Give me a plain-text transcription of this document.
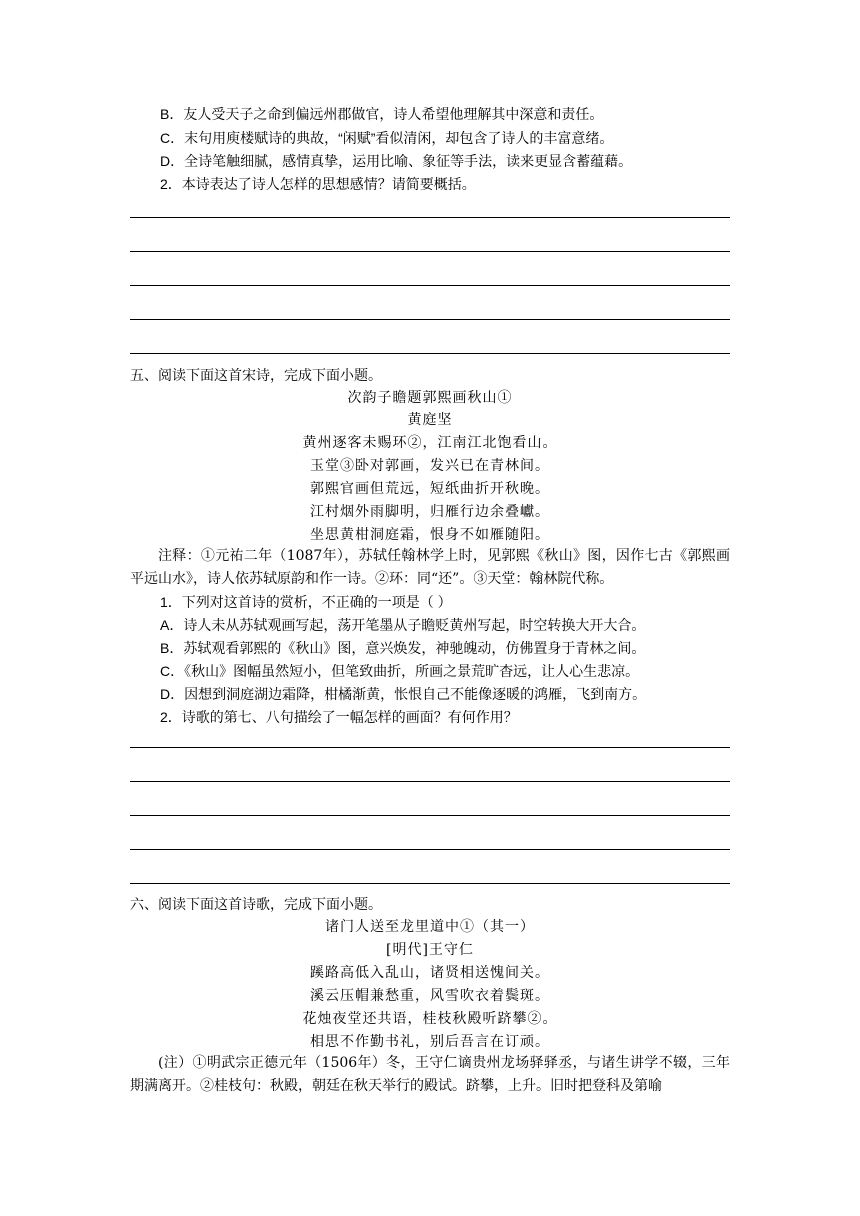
B．友人受天子之命到偏远州郡做官，诗人希望他理解其中深意和责任。
C．末句用庾楼赋诗的典故，“闲赋”看似清闲，却包含了诗人的丰富意绪。
D．全诗笔触细腻，感情真挚，运用比喻、象征等手法，读来更显含蓄蕴藉。
2．本诗表达了诗人怎样的思想感情？请简要概括。
五、阅读下面这首宋诗，完成下面小题。
次韵子瞻题郭熙画秋山①
黄庭坚
黄州逐客未赐环②，江南江北饱看山。
玉堂③卧对郭画，发兴已在青林间。
郭熙官画但荒远，短纸曲折开秋晚。
江村烟外雨脚明，归雁行边余叠巘。
坐思黄柑洞庭霜，恨身不如雁随阳。
注释：①元祐二年（1087年），苏轼任翰林学上时，见郭熙《秋山》图，因作七古《郭熙画平远山水》，诗人依苏轼原韵和作一诗。②环：同“还”。③天堂：翰林院代称。
1．下列对这首诗的赏析，不正确的一项是（ ）
A．诗人未从苏轼观画写起，荡开笔墨从子瞻贬黄州写起，时空转换大开大合。
B．苏轼观看郭熙的《秋山》图，意兴焕发，神驰魄动，仿佛置身于青林之间。
C．《秋山》图幅虽然短小，但笔致曲折，所画之景荒旷杳远，让人心生悲凉。
D．因想到洞庭湖边霜降，柑橘渐黄，怅恨自己不能像逐暖的鸿雁，飞到南方。
2．诗歌的第七、八句描绘了一幅怎样的画面？有何作用？
六、阅读下面这首诗歌，完成下面小题。
诸门人送至龙里道中①（其一）
[明代]王守仁
蹊路高低入乱山，诸贤相送愧间关。
溪云压帽兼愁重，风雪吹衣着鬓斑。
花烛夜堂还共语，桂枝秋殿听跻攀②。
相思不作勤书礼，别后吾言在订顽。
(注）①明武宗正德元年（1506年）冬，王守仁谪贵州龙场驿驿丞，与诸生讲学不辍，三年期满离开。②桂枝句：秋殿，朝廷在秋天举行的殿试。跻攀，上升。旧时把登科及第喻
